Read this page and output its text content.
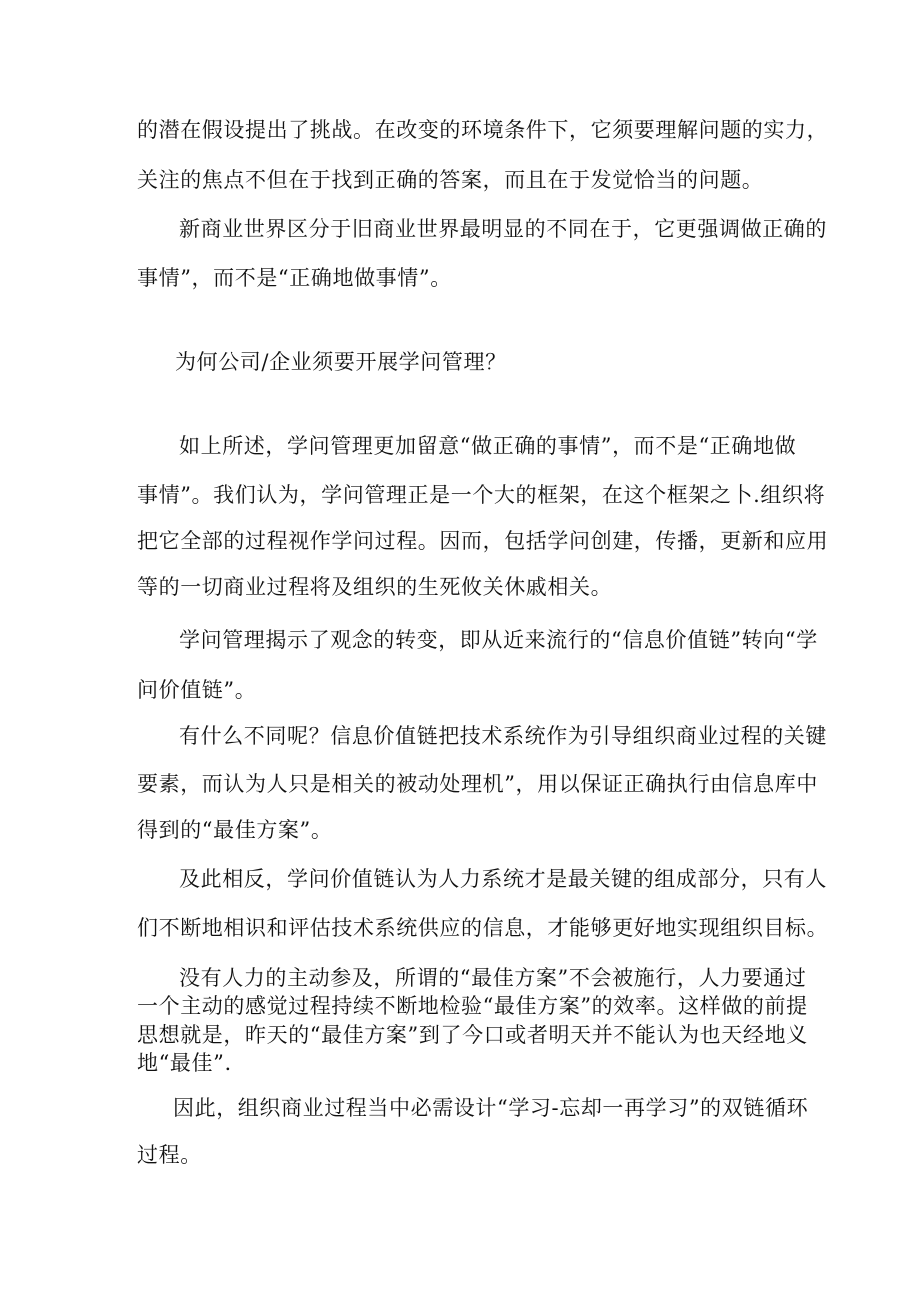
的潜在假设提出了挑战。在改变的环境条件下，它须要理解问题的实力，
关注的焦点不但在于找到正确的答案，而且在于发觉恰当的问题。
新商业世界区分于旧商业世界最明显的不同在于，它更强调做正确的
事情”，而不是“正确地做事情”。
为何公司/企业须要开展学问管理？
如上所述，学问管理更加留意“做正确的事情”，而不是“正确地做
事情”。我们认为，学问管理正是一个大的框架，在这个框架之卜.组织将
把它全部的过程视作学问过程。因而，包括学问创建，传播，更新和应用
等的一切商业过程将及组织的生死攸关休戚相关。
学问管理揭示了观念的转变，即从近来流行的“信息价值链”转向“学
问价值链”。
有什么不同呢？信息价值链把技术系统作为引导组织商业过程的关键
要素，而认为人只是相关的被动处理机”，用以保证正确执行由信息库中
得到的“最佳方案”。
及此相反，学问价值链认为人力系统才是最关键的组成部分，只有人
们不断地相识和评估技术系统供应的信息，才能够更好地实现组织目标。
没有人力的主动参及，所谓的“最佳方案”不会被施行，人力要通过
一个主动的感觉过程持续不断地检验“最佳方案”的效率。这样做的前提
思想就是，昨天的“最佳方案”到了今口或者明天并不能认为也天经地义
地“最佳”.
因此，组织商业过程当中必需设计“学习-忘却一再学习”的双链循环
过程。
